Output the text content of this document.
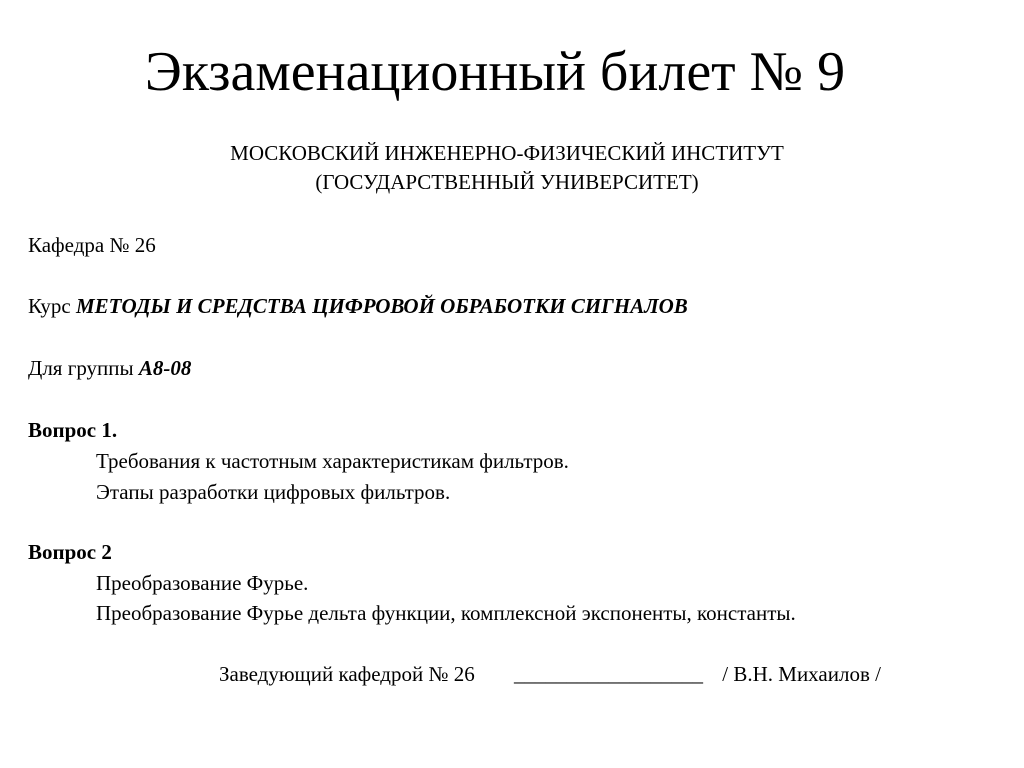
Экзаменационный билет № 9
МОСКОВСКИЙ ИНЖЕНЕРНО-ФИЗИЧЕСКИЙ ИНСТИТУТ
(ГОСУДАРСТВЕННЫЙ УНИВЕРСИТЕТ)
Кафедра № 26
Курс МЕТОДЫ И СРЕДСТВА ЦИФРОВОЙ ОБРАБОТКИ СИГНАЛОВ
Для группы А8-08
Вопрос 1.
Требования к частотным характеристикам фильтров.
Этапы разработки цифровых фильтров.
Вопрос 2
Преобразование Фурье.
Преобразование Фурье дельта функции, комплексной экспоненты, константы.
Заведующий кафедрой № 26 __________________ / В.Н. Михаилов /
